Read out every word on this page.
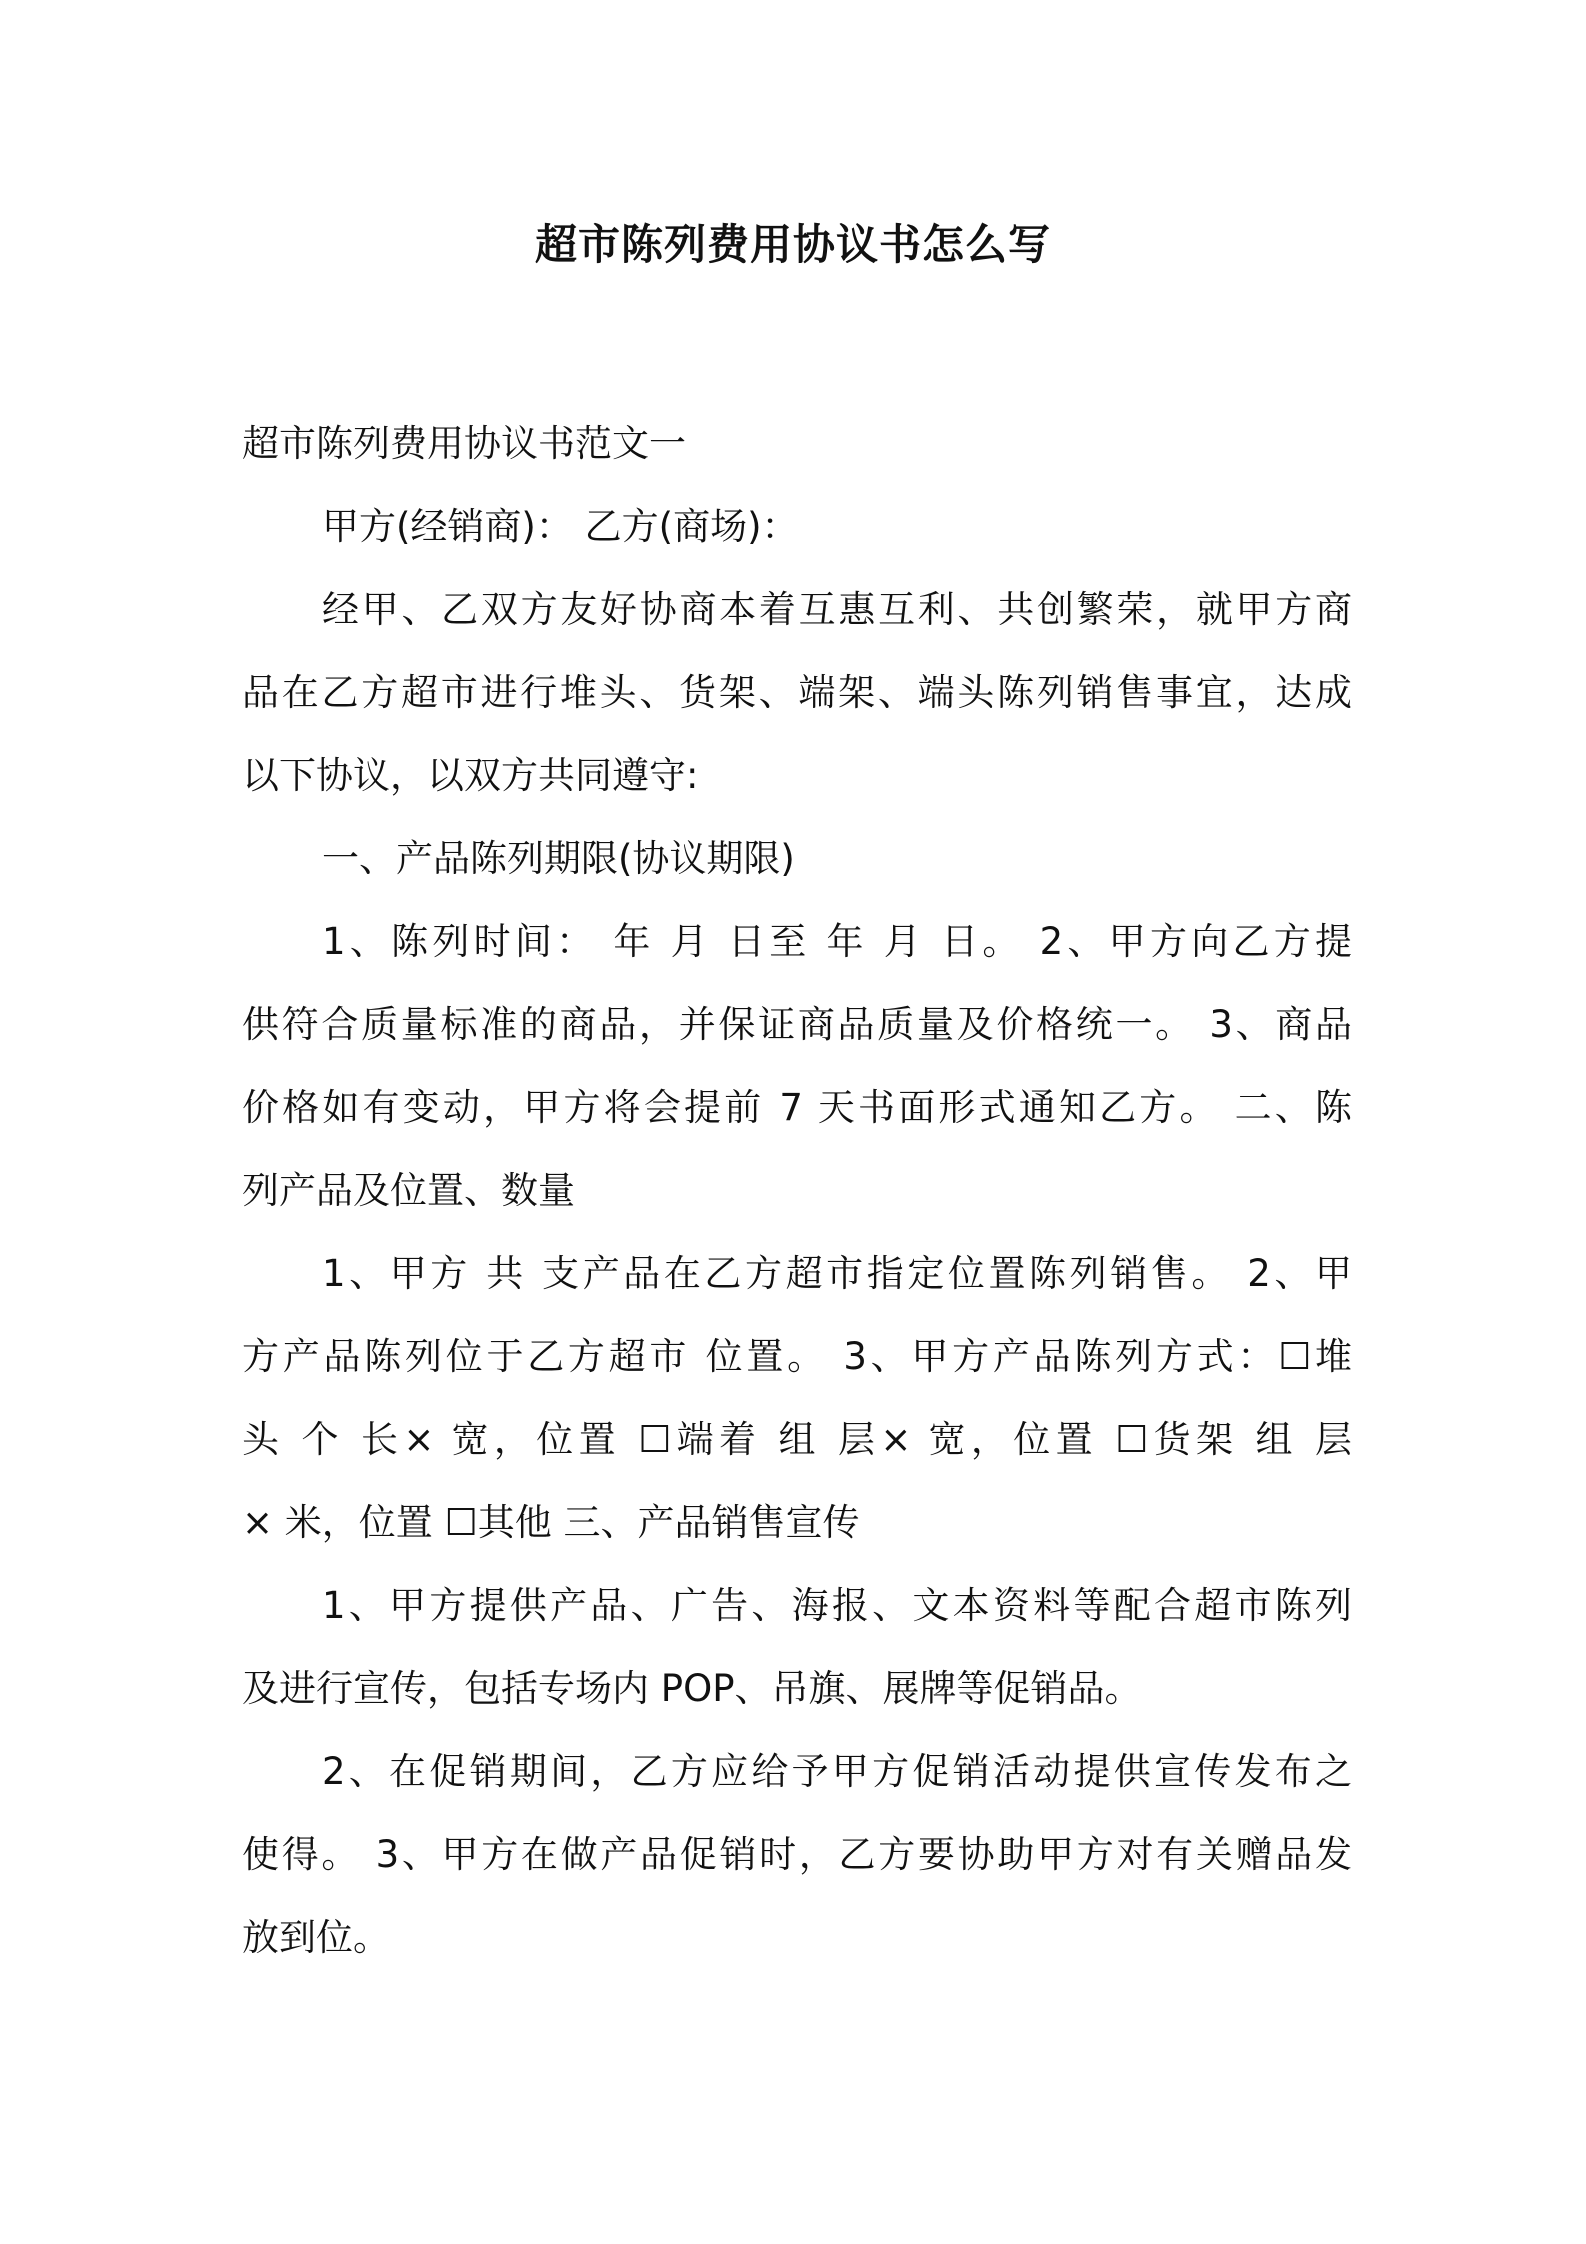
超市陈列费用协议书怎么写
超市陈列费用协议书范文一
甲方(经销商)： 乙方(商场)：
经甲、乙双方友好协商本着互惠互利、共创繁荣，就甲方商
品在乙方超市进行堆头、货架、端架、端头陈列销售事宜，达成
以下协议，以双方共同遵守:
一、产品陈列期限(协议期限)
1、陈列时间： 年 月 日至 年 月 日。 2、甲方向乙方提
供符合质量标准的商品，并保证商品质量及价格统一。 3、商品
价格如有变动，甲方将会提前 7 天书面形式通知乙方。 二、陈
列产品及位置、数量
1、甲方 共 支产品在乙方超市指定位置陈列销售。 2、甲
方产品陈列位于乙方超市 位置。 3、甲方产品陈列方式：☐堆
头 个 长× 宽，位置 ☐端着 组 层× 宽，位置 ☐货架 组 层
× 米，位置 ☐其他 三、产品销售宣传
1、甲方提供产品、广告、海报、文本资料等配合超市陈列
及进行宣传，包括专场内 POP、吊旗、展牌等促销品。
2、在促销期间，乙方应给予甲方促销活动提供宣传发布之
使得。 3、甲方在做产品促销时，乙方要协助甲方对有关赠品发
放到位。
